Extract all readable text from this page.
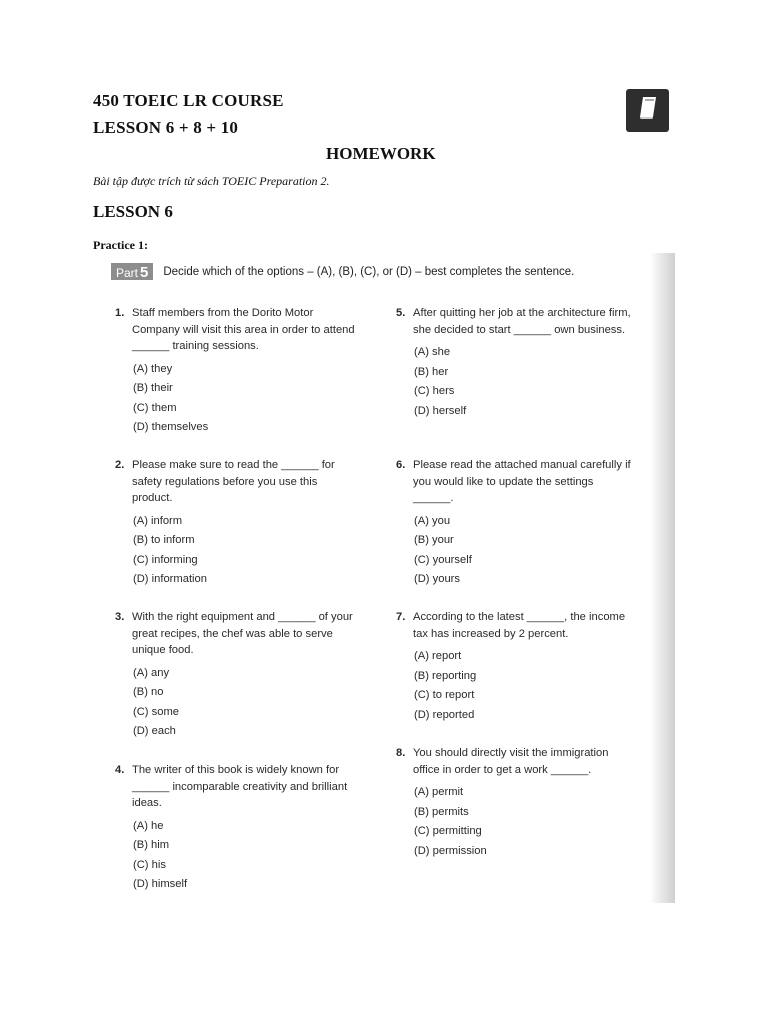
450 TOEIC LR COURSE
LESSON 6 + 8 + 10
HOMEWORK
Bài tập được trích từ sách TOEIC Preparation 2.
LESSON 6
Practice 1:
Part 5 Decide which of the options – (A), (B), (C), or (D) – best completes the sentence.
1. Staff members from the Dorito Motor Company will visit this area in order to attend ______ training sessions.
(A) they
(B) their
(C) them
(D) themselves
2. Please make sure to read the ______ for safety regulations before you use this product.
(A) inform
(B) to inform
(C) informing
(D) information
3. With the right equipment and ______ of your great recipes, the chef was able to serve unique food.
(A) any
(B) no
(C) some
(D) each
4. The writer of this book is widely known for ______ incomparable creativity and brilliant ideas.
(A) he
(B) him
(C) his
(D) himself
5. After quitting her job at the architecture firm, she decided to start ______ own business.
(A) she
(B) her
(C) hers
(D) herself
6. Please read the attached manual carefully if you would like to update the settings ______.
(A) you
(B) your
(C) yourself
(D) yours
7. According to the latest ______, the income tax has increased by 2 percent.
(A) report
(B) reporting
(C) to report
(D) reported
8. You should directly visit the immigration office in order to get a work ______.
(A) permit
(B) permits
(C) permitting
(D) permission
